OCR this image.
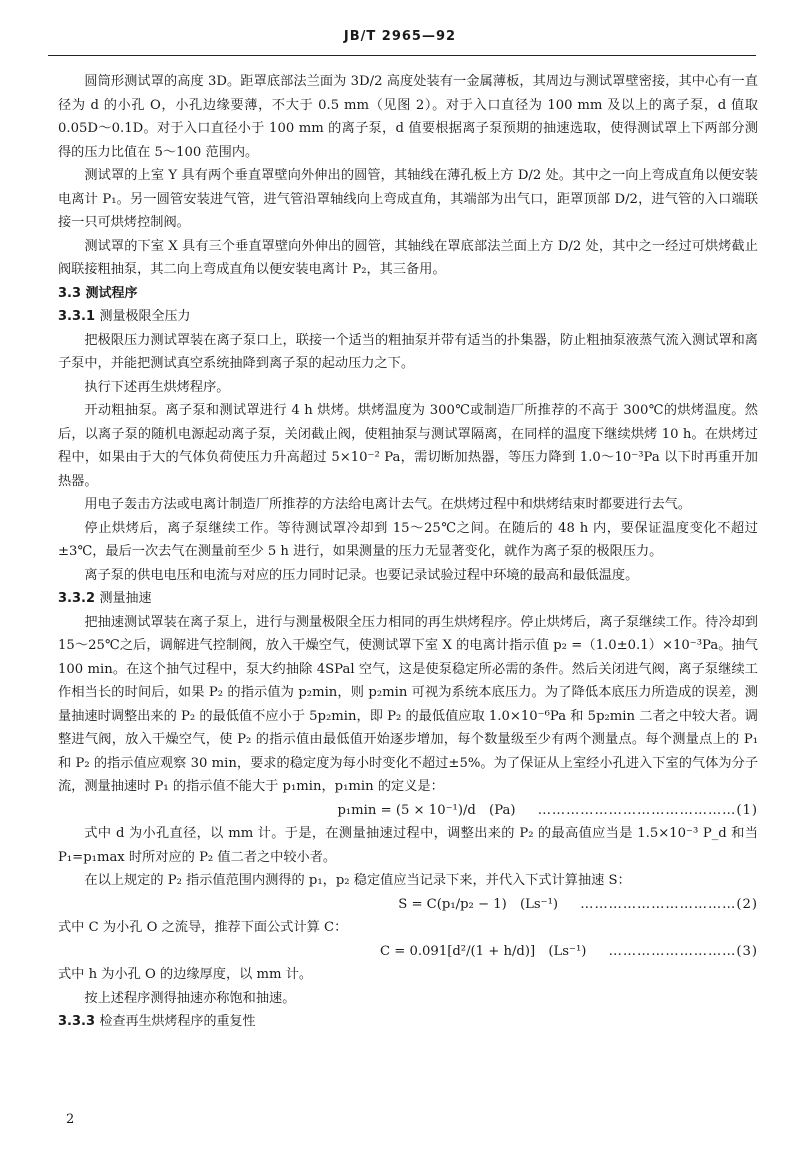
JB/T 2965—92

圆筒形测试罩的高度 3D。距罩底部法兰面为 3D/2 高度处装有一金属薄板，其周边与测试罩壁密接，其中心有一直径为 d 的小孔 O，小孔边缘要薄，不大于 0.5 mm（见图 2）。对于入口直径为 100 mm 及以上的离子泵，d 值取 0.05D～0.1D。对于入口直径小于 100 mm 的离子泵，d 值要根据离子泵预期的抽速选取，使得测试罩上下两部分测得的压力比值在 5～100 范围内。

测试罩的上室 Y 具有两个垂直罩壁向外伸出的圆管，其轴线在薄孔板上方 D/2 处。其中之一向上弯成直角以便安装电离计 P₁。另一圆管安装进气管，进气管沿罩轴线向上弯成直角，其端部为出气口，距罩顶部 D/2，进气管的入口端联接一只可烘烤控制阀。

测试罩的下室 X 具有三个垂直罩壁向外伸出的圆管，其轴线在罩底部法兰面上方 D/2 处，其中之一经过可烘烤截止阀联接粗抽泵，其二向上弯成直角以便安装电离计 P₂，其三备用。

3.3 测试程序
3.3.1 测量极限全压力

把极限压力测试罩装在离子泵口上，联接一个适当的粗抽泵并带有适当的扑集器，防止粗抽泵液蒸气流入测试罩和离子泵中，并能把测试真空系统抽降到离子泵的起动压力之下。

执行下述再生烘烤程序。

开动粗抽泵。离子泵和测试罩进行 4 h 烘烤。烘烤温度为 300℃或制造厂所推荐的不高于 300℃的烘烤温度。然后，以离子泵的随机电源起动离子泵，关闭截止阀，使粗抽泵与测试罩隔离，在同样的温度下继续烘烤 10 h。在烘烤过程中，如果由于大的气体负荷使压力升高超过 5×10⁻² Pa，需切断加热器，等压力降到 1.0～10⁻³Pa 以下时再重开加热器。

用电子轰击方法或电离计制造厂所推荐的方法给电离计去气。在烘烤过程中和烘烤结束时都要进行去气。

停止烘烤后，离子泵继续工作。等待测试罩冷却到 15～25℃之间。在随后的 48 h 内，要保证温度变化不超过±3℃，最后一次去气在测量前至少 5 h 进行，如果测量的压力无显著变化，就作为离子泵的极限压力。

离子泵的供电电压和电流与对应的压力同时记录。也要记录试验过程中环境的最高和最低温度。

3.3.2 测量抽速

把抽速测试罩装在离子泵上，进行与测量极限全压力相同的再生烘烤程序。停止烘烤后，离子泵继续工作。待冷却到 15～25℃之后，调解进气控制阀，放入干燥空气，使测试罩下室 X 的电离计指示值 p₂ =（1.0±0.1）×10⁻³Pa。抽气 100 min。在这个抽气过程中，泵大约抽除 4SPal 空气，这是使泵稳定所必需的条件。然后关闭进气阀，离子泵继续工作相当长的时间后，如果 P₂ 的指示值为 p₂min，则 p₂min 可视为系统本底压力。为了降低本底压力所造成的误差，测量抽速时调整出来的 P₂ 的最低值不应小于 5p₂min，即 P₂ 的最低值应取 1.0×10⁻⁶Pa 和 5p₂min 二者之中较大者。调整进气阀，放入干燥空气，使 P₂ 的指示值由最低值开始逐步增加，每个数量级至少有两个测量点。每个测量点上的 P₁ 和 P₂ 的指示值应观察 30 min，要求的稳定度为每小时变化不超过±5%。为了保证从上室经小孔进入下室的气体为分子流，测量抽速时 P₁ 的指示值不能大于 p₁min，p₁min 的定义是：

p₁min = (5 × 10⁻¹)/d　(Pa) ……………………………………(1)

式中 d 为小孔直径，以 mm 计。于是，在测量抽速过程中，调整出来的 P₂ 的最高值应当是 1.5×10⁻³ P_d 和当 P₁=p₁max 时所对应的 P₂ 值二者之中较小者。

在以上规定的 P₂ 指示值范围内测得的 p₁，p₂ 稳定值应当记录下来，并代入下式计算抽速 S：

S = C(p₁/p₂ − 1)　(Ls⁻¹) ……………………………(2)

式中 C 为小孔 O 之流导，推荐下面公式计算 C：

C = 0.091[d²/(1 + h/d)]　(Ls⁻¹) ………………………(3)

式中 h 为小孔 O 的边缘厚度，以 mm 计。

按上述程序测得抽速亦称饱和抽速。

3.3.3 检查再生烘烤程序的重复性
2
